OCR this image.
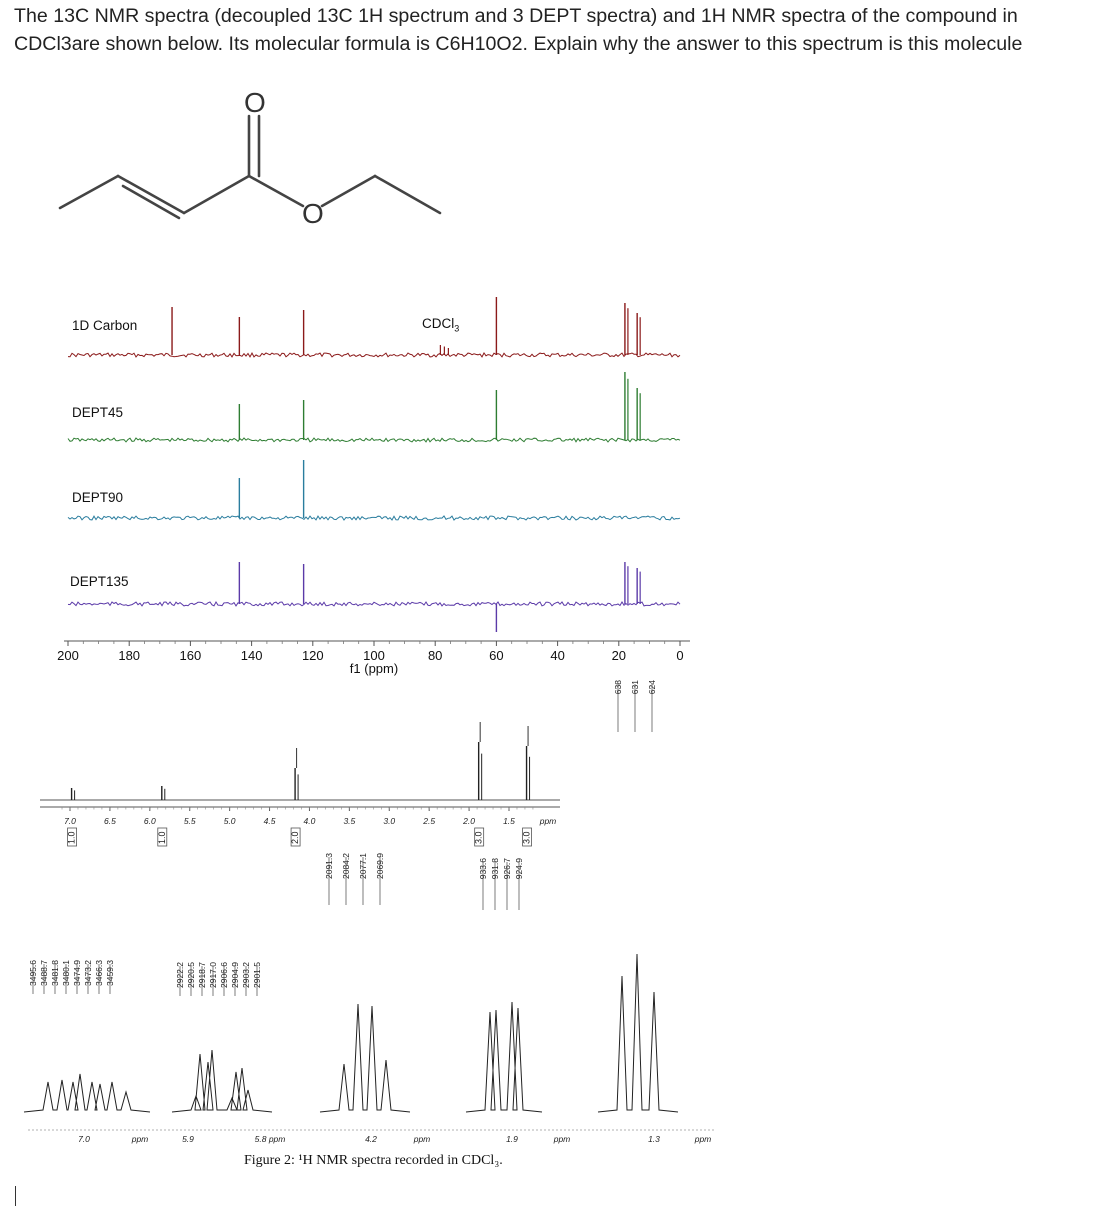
The 13C NMR spectra (decoupled 13C 1H spectrum and 3 DEPT spectra) and 1H NMR spectra of the compound in CDCl3are shown below. Its molecular formula is C6H10O2. Explain why the answer to this spectrum is this molecule
O
O
1D Carbon
DEPT45
DEPT90
DEPT135
CDCl$_3$
200	180	160	140	120	100	80	60	40	20	0
f1 (ppm)
7.0	6.5	6.0	5.5	5.0	4.5	4.0	3.5	3.0	2.5	2.0	1.5	ppm
1.0	1.0	2.0	3.0	3.0
3495.6 3488.7 3481.8 3480.1 3474.9 3473.2 3466.3 3459.3	2922.2 2920.5 2918.7 2917.0 2906.6 2904.9 2903.2 2901.5
2091.3 2084.2 2077.1 2069.9	933.6 931.8 926.7 924.9
638 631 624
7.0	ppm	5.9	5.8 ppm	4.2	ppm	1.9	ppm	1.3	ppm
Figure 2: ¹H NMR spectra recorded in CDCl₃.
